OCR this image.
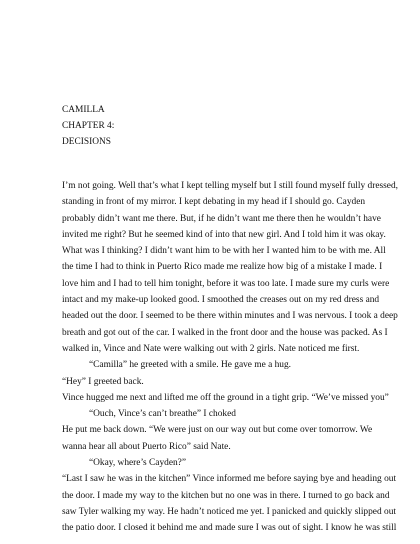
CAMILLA
CHAPTER 4:
DECISIONS
I’m not going. Well that’s what I kept telling myself but I still found myself fully dressed,
standing in front of my mirror. I kept debating in my head if I should go. Cayden
probably didn’t want me there. But, if he didn’t want me there then he wouldn’t have
invited me right? But he seemed kind of into that new girl. And I told him it was okay.
What was I thinking? I didn’t want him to be with her I wanted him to be with me. All
the time I had to think in Puerto Rico made me realize how big of a mistake I made. I
love him and I had to tell him tonight, before it was too late. I made sure my curls were
intact and my make-up looked good. I smoothed the creases out on my red dress and
headed out the door. I seemed to be there within minutes and I was nervous. I took a deep
breath and got out of the car. I walked in the front door and the house was packed. As I
walked in, Vince and Nate were walking out with 2 girls. Nate noticed me first.
“Camilla” he greeted with a smile. He gave me a hug.
“Hey” I greeted back.
Vince hugged me next and lifted me off the ground in a tight grip. “We’ve missed you”
“Ouch, Vince’s can’t breathe” I choked
He put me back down. “We were just on our way out but come over tomorrow. We
wanna hear all about Puerto Rico” said Nate.
“Okay, where’s Cayden?”
“Last I saw he was in the kitchen” Vince informed me before saying bye and heading out
the door. I made my way to the kitchen but no one was in there. I turned to go back and
saw Tyler walking my way. He hadn’t noticed me yet. I panicked and quickly slipped out
the patio door. I closed it behind me and made sure I was out of sight. I know he was still
